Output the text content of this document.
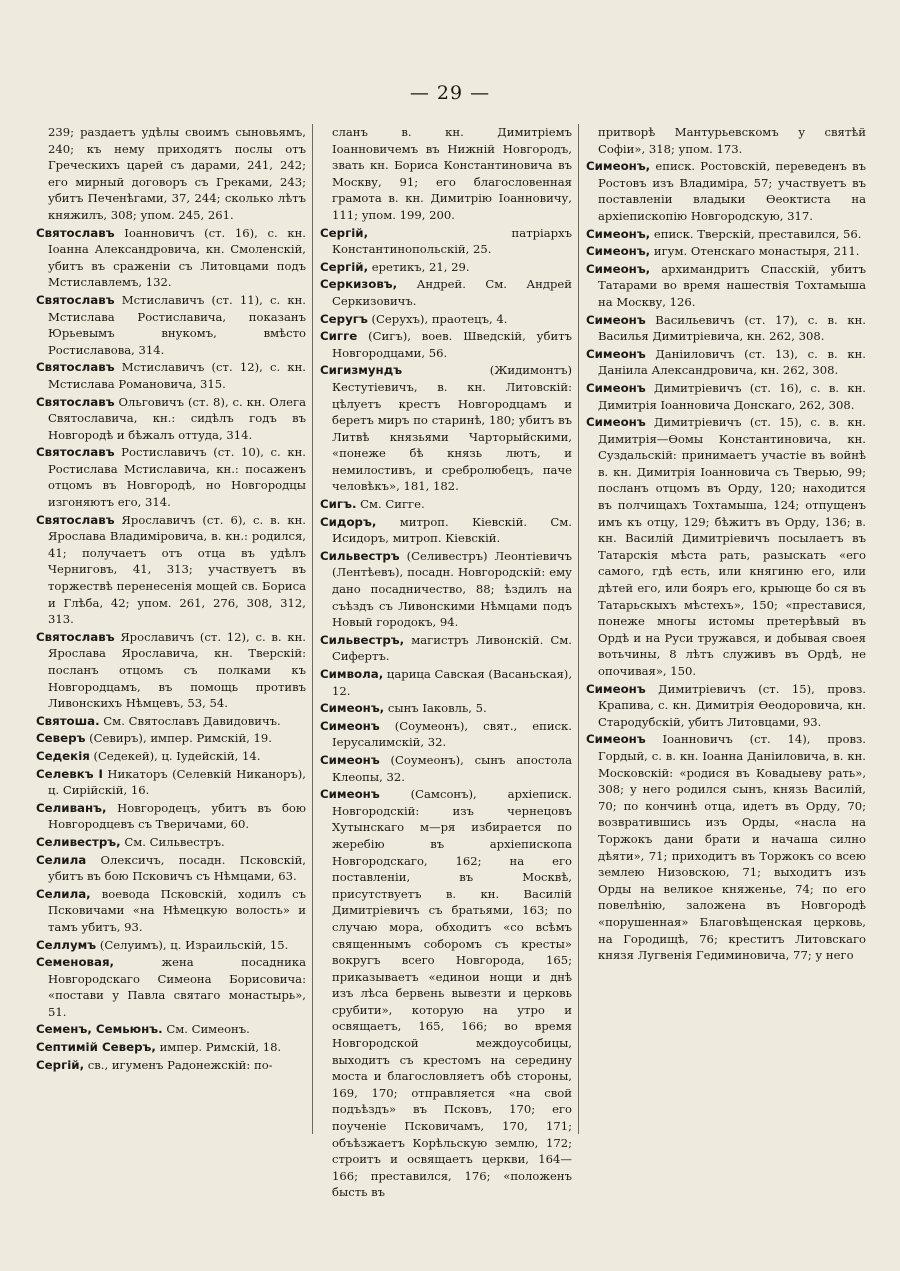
— 29 —

239; раздаетъ удѣлы своимъ сыновьямъ, 240; къ нему приходятъ послы отъ Греческихъ царей съ дарами, 241, 242; его мирный договоръ съ Греками, 243; убитъ Печенѣгами, 37, 244; сколько лѣтъ княжилъ, 308; упом. 245, 261.

Святославъ Іоанновичъ (ст. 16), с. кн. Іоанна Александровича, кн. Смоленскій, убитъ въ сраженіи съ Литовцами подъ Мстиславлемъ, 132.

Святославъ Мстиславичъ (ст. 11), с. кн. Мстислава Ростиславича, показанъ Юрьевымъ внукомъ, вмѣсто Ростиславова, 314.

Святославъ Мстиславичъ (ст. 12), с. кн. Мстислава Романовича, 315.

Святославъ Ольговичъ (ст. 8), с. кн. Олега Святославича, кн.: сидѣлъ годъ въ Новгородѣ и бѣжалъ оттуда, 314.

Святославъ Ростиславичъ (ст. 10), с. кн. Ростислава Мстиславича, кн.: посаженъ отцомъ въ Новгородѣ, но Новгородцы изгоняютъ его, 314.

Святославъ Ярославичъ (ст. 6), с. в. кн. Ярослава Владиміровича, в. кн.: родился, 41; получаетъ отъ отца въ удѣлъ Черниговъ, 41, 313; участвуетъ въ торжествѣ перенесенія мощей св. Бориса и Глѣба, 42; упом. 261, 276, 308, 312, 313.

Святославъ Ярославичъ (ст. 12), с. в. кн. Ярослава Ярославича, кн. Тверскій: посланъ отцомъ съ полками къ Новгородцамъ, въ помощь противъ Ливонскихъ Нѣмцевъ, 53, 54.

Святоша. См. Святославъ Давидовичъ.

Северъ (Севиръ), импер. Римскій, 19.

Седекія (Седекей), ц. Іудейскій, 14.

Селевкъ I Никаторъ (Селевкій Никаноръ), ц. Сирійскій, 16.

Селиванъ, Новгородецъ, убитъ въ бою Новгородцевъ съ Тверичами, 60.

Селивестръ, См. Сильвестръ.

Селила Олексичъ, посадн. Псковскій, убитъ въ бою Псковичъ съ Нѣмцами, 63.

Селила, воевода Псковскій, ходилъ съ Псковичами «на Нѣмецкую волость» и тамъ убитъ, 93.

Селлумъ (Селуимъ), ц. Израильскій, 15.

Семеновая, жена посадника Новгородскаго Симеона Борисовича: «постави у Павла святаго монастырь», 51.

Семенъ, Семьюнъ. См. Симеонъ.

Септимій Северъ, импер. Римскій, 18.

Сергій, св., игуменъ Радонежскій: по-

сланъ в. кн. Димитріемъ Іоанновичемъ въ Нижній Новгородъ, звать кн. Бориса Константиновича въ Москву, 91; его благословенная грамота в. кн. Димитрію Іоанновичу, 111; упом. 199, 200.

Сергій, патріархъ Константинопольскій, 25.

Сергій, еретикъ, 21, 29.

Серкизовъ, Андрей. См. Андрей Серкизовичъ.

Серугъ (Серухъ), праотецъ, 4.

Сигге (Сигъ), воев. Шведскій, убитъ Новгородцами, 56.

Сигизмундъ (Жидимонтъ) Кестутіевичъ, в. кн. Литовскій: цѣлуетъ крестъ Новгородцамъ и беретъ миръ по старинѣ, 180; убитъ въ Литвѣ князьями Чарторыйскими, «понеже бѣ князь лютъ, и немилостивъ, и сребролюбецъ, паче человѣкъ», 181, 182.

Сигъ. См. Сигге.

Сидоръ, митроп. Кіевскій. См. Исидоръ, митроп. Кіевскій.

Сильвестръ (Селивестръ) Леонтіевичъ (Лентѣевъ), посадн. Новгородскій: ему дано посадничество, 88; ѣздилъ на съѣздъ съ Ливонскими Нѣмцами подъ Новый городокъ, 94.

Сильвестръ, магистръ Ливонскій. См. Сифертъ.

Символа, царица Савская (Васаньская), 12.

Симеонъ, сынъ Іаковль, 5.

Симеонъ (Соумеонъ), свят., еписк. Іерусалимскій, 32.

Симеонъ (Соумеонъ), сынъ апостола Клеопы, 32.

Симеонъ (Самсонъ), архіеписк. Новгородскій: изъ чернецовъ Хутынскаго м—ря избирается по жеребію въ архіепископа Новгородскаго, 162; на его поставленіи, въ Москвѣ, присутствуетъ в. кн. Василій Димитріевичъ съ братьями, 163; по случаю мора, обходитъ «со всѣмъ священнымъ соборомъ съ кресты» вокругъ всего Новгорода, 165; приказываетъ «единои нощи и днѣ изъ лѣса бервень вывезти и церковь срубити», которую на утро и освящаетъ, 165, 166; во время Новгородской междоусобицы, выходитъ съ крестомъ на середину моста и благословляетъ обѣ стороны, 169, 170; отправляется «на свой подъѣздъ» въ Псковъ, 170; его поученіе Псковичамъ, 170, 171; объѣзжаетъ Корѣльскую землю, 172; строитъ и освящаетъ церкви, 164—166; преставился, 176; «положенъ бысть въ

притворѣ Мантурьевскомъ у святѣй Софіи», 318; упом. 173.

Симеонъ, еписк. Ростовскій, переведенъ въ Ростовъ изъ Владиміра, 57; участвуетъ въ поставленіи владыки Ѳеоктиста на архіепископію Новгородскую, 317.

Симеонъ, еписк. Тверскій, преставился, 56.

Симеонъ, игум. Отенскаго монастыря, 211.

Симеонъ, архимандритъ Спасскій, убитъ Татарами во время нашествія Тохтамыша на Москву, 126.

Симеонъ Васильевичъ (ст. 17), с. в. кн. Василья Димитріевича, кн. 262, 308.

Симеонъ Даніиловичъ (ст. 13), с. в. кн. Даніила Александровича, кн. 262, 308.

Симеонъ Димитріевичъ (ст. 16), с. в. кн. Димитрія Іоанновича Донскаго, 262, 308.

Симеонъ Димитріевичъ (ст. 15), с. в. кн. Димитрія—Ѳомы Константиновича, кн. Суздальскій: принимаетъ участіе въ войнѣ в. кн. Димитрія Іоанновича съ Тверью, 99; посланъ отцомъ въ Орду, 120; находится въ полчищахъ Тохтамыша, 124; отпущенъ имъ къ отцу, 129; бѣжитъ въ Орду, 136; в. кн. Василій Димитріевичъ посылаетъ въ Татарскія мѣста рать, разыскать «его самого, гдѣ есть, или княгиню его, или дѣтей его, или бояръ его, крыюще бо ся въ Татарьскыхъ мѣстехъ», 150; «преставися, понеже многы истомы претерѣвый въ Ордѣ и на Руси тружався, и добывая своея вотьчины, 8 лѣтъ служивъ въ Ордѣ, не опочивая», 150.

Симеонъ Димитріевичъ (ст. 15), провз. Крапива, с. кн. Димитрія Ѳеодоровича, кн. Стародубскій, убитъ Литовцами, 93.

Симеонъ Іоанновичъ (ст. 14), провз. Гордый, с. в. кн. Іоанна Даніиловича, в. кн. Московскій: «родися въ Ковадыеву рать», 308; у него родился сынъ, князь Василій, 70; по кончинѣ отца, идетъ въ Орду, 70; возвратившись изъ Орды, «насла на Торжокъ дани брати и начаша силно дѣяти», 71; приходитъ въ Торжокъ со всею землею Низовскою, 71; выходитъ изъ Орды на великое княженье, 74; по его повелѣнію, заложена въ Новгородѣ «порушенная» Благовѣщенская церковь, на Городищѣ, 76; креститъ Литовскаго князя Лугвенія Гедиминовича, 77; у него
